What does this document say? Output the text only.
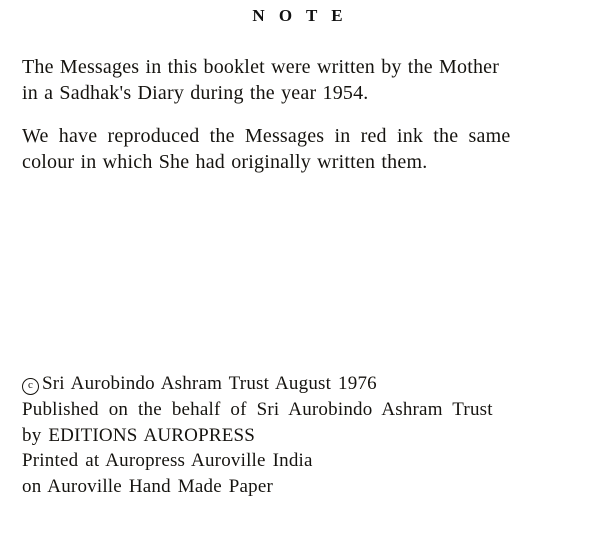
N O T E

The Messages in this booklet were written by the Mother
in a Sadhak's Diary during the year 1954.

We have reproduced the Messages in red ink the same
colour in which She had originally written them.

c Sri Aurobindo Ashram Trust August 1976
Published on the behalf of Sri Aurobindo Ashram Trust
by EDITIONS AUROPRESS
Printed at Auropress Auroville India
on Auroville Hand Made Paper
